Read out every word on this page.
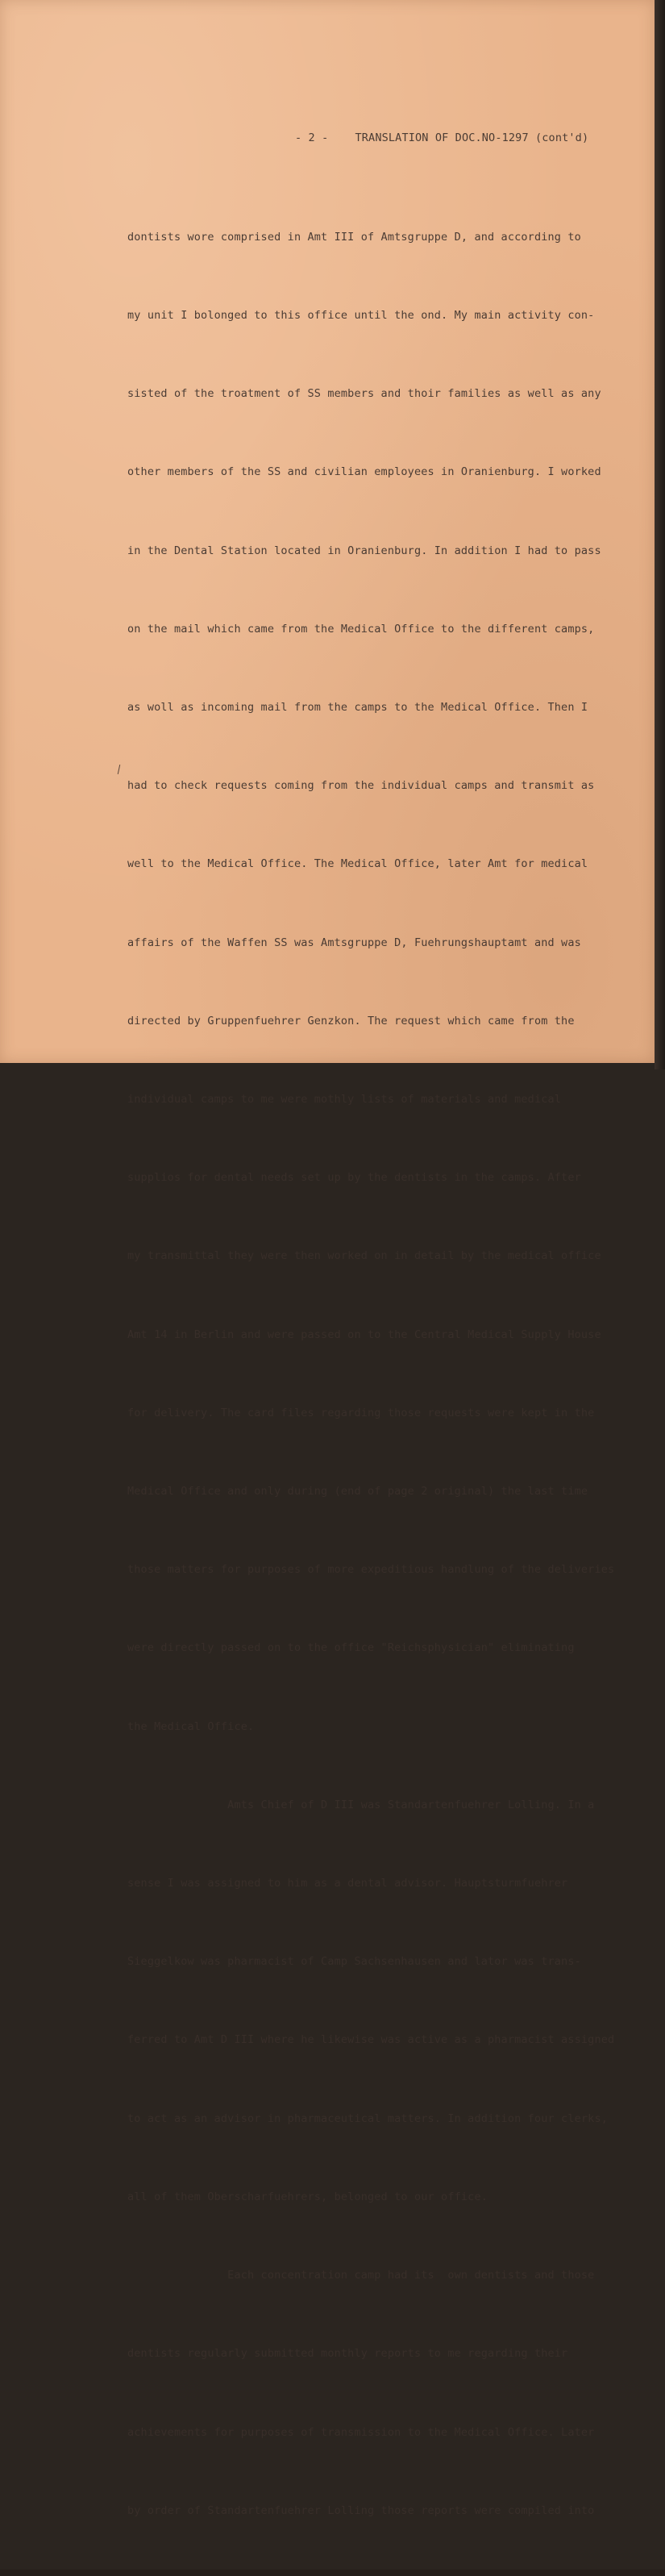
- 2 -    TRANSLATION OF DOC.NO-1297 (cont'd)

dontists wore comprised in Amt III of Amtsgruppe D, and according to

my unit I bolonged to this office until the ond. My main activity con-

sisted of the troatment of SS members and thoir families as well as any

other members of the SS and civilian employees in Oranienburg. I worked

in the Dental Station located in Oranienburg. In addition I had to pass

on the mail which came from the Medical Office to the different camps,

as woll as incoming mail from the camps to the Medical Office. Then I

had to check requests coming from the individual camps and transmit as

well to the Medical Office. The Medical Office, later Amt for medical

affairs of the Waffen SS was Amtsgruppe D, Fuehrungshauptamt and was

directed by Gruppenfuehrer Genzkon. The request which came from the

individual camps to me were mothly lists of materials and medical

supplios for dental needs set up by the dentists in the camps. After

my transmittal they were then worked on in detail by the medical office

Amt 14 in Berlin and were passed on to the Central Medical Supply House

for delivery. The card files regarding those requests were kept in the

Medical Office and only during (end of page 2 original) the last time

those matters for purposes of more expeditious handlung of the deliveries

were directly passed on to the office "Reichsphysician" eliminating

the Medical Office.

Amts Chief of D III was Standartenfuehrer Lolling. In a

sense I was assigned to him as a dental advisor. Hauptsturmfuehrer

Sieggelkow was pharmacist of Camp Sachsenhausen and lator was trans-

ferred to Amt D III where he likewise was active as a pharmacist assigned

to act as an advisor in pharmaceutical matters. In addition four clerks,

all of them Oberscharfuehrers, belonged to our office.

Each concentration camp had its  own dentists and those

dentists regularly submitted monthly reports to me regarding their

achievements for purposes of transmission to the Medical Office. Later

by order of Standartenfuehrer Lolling those reports were compiled into
